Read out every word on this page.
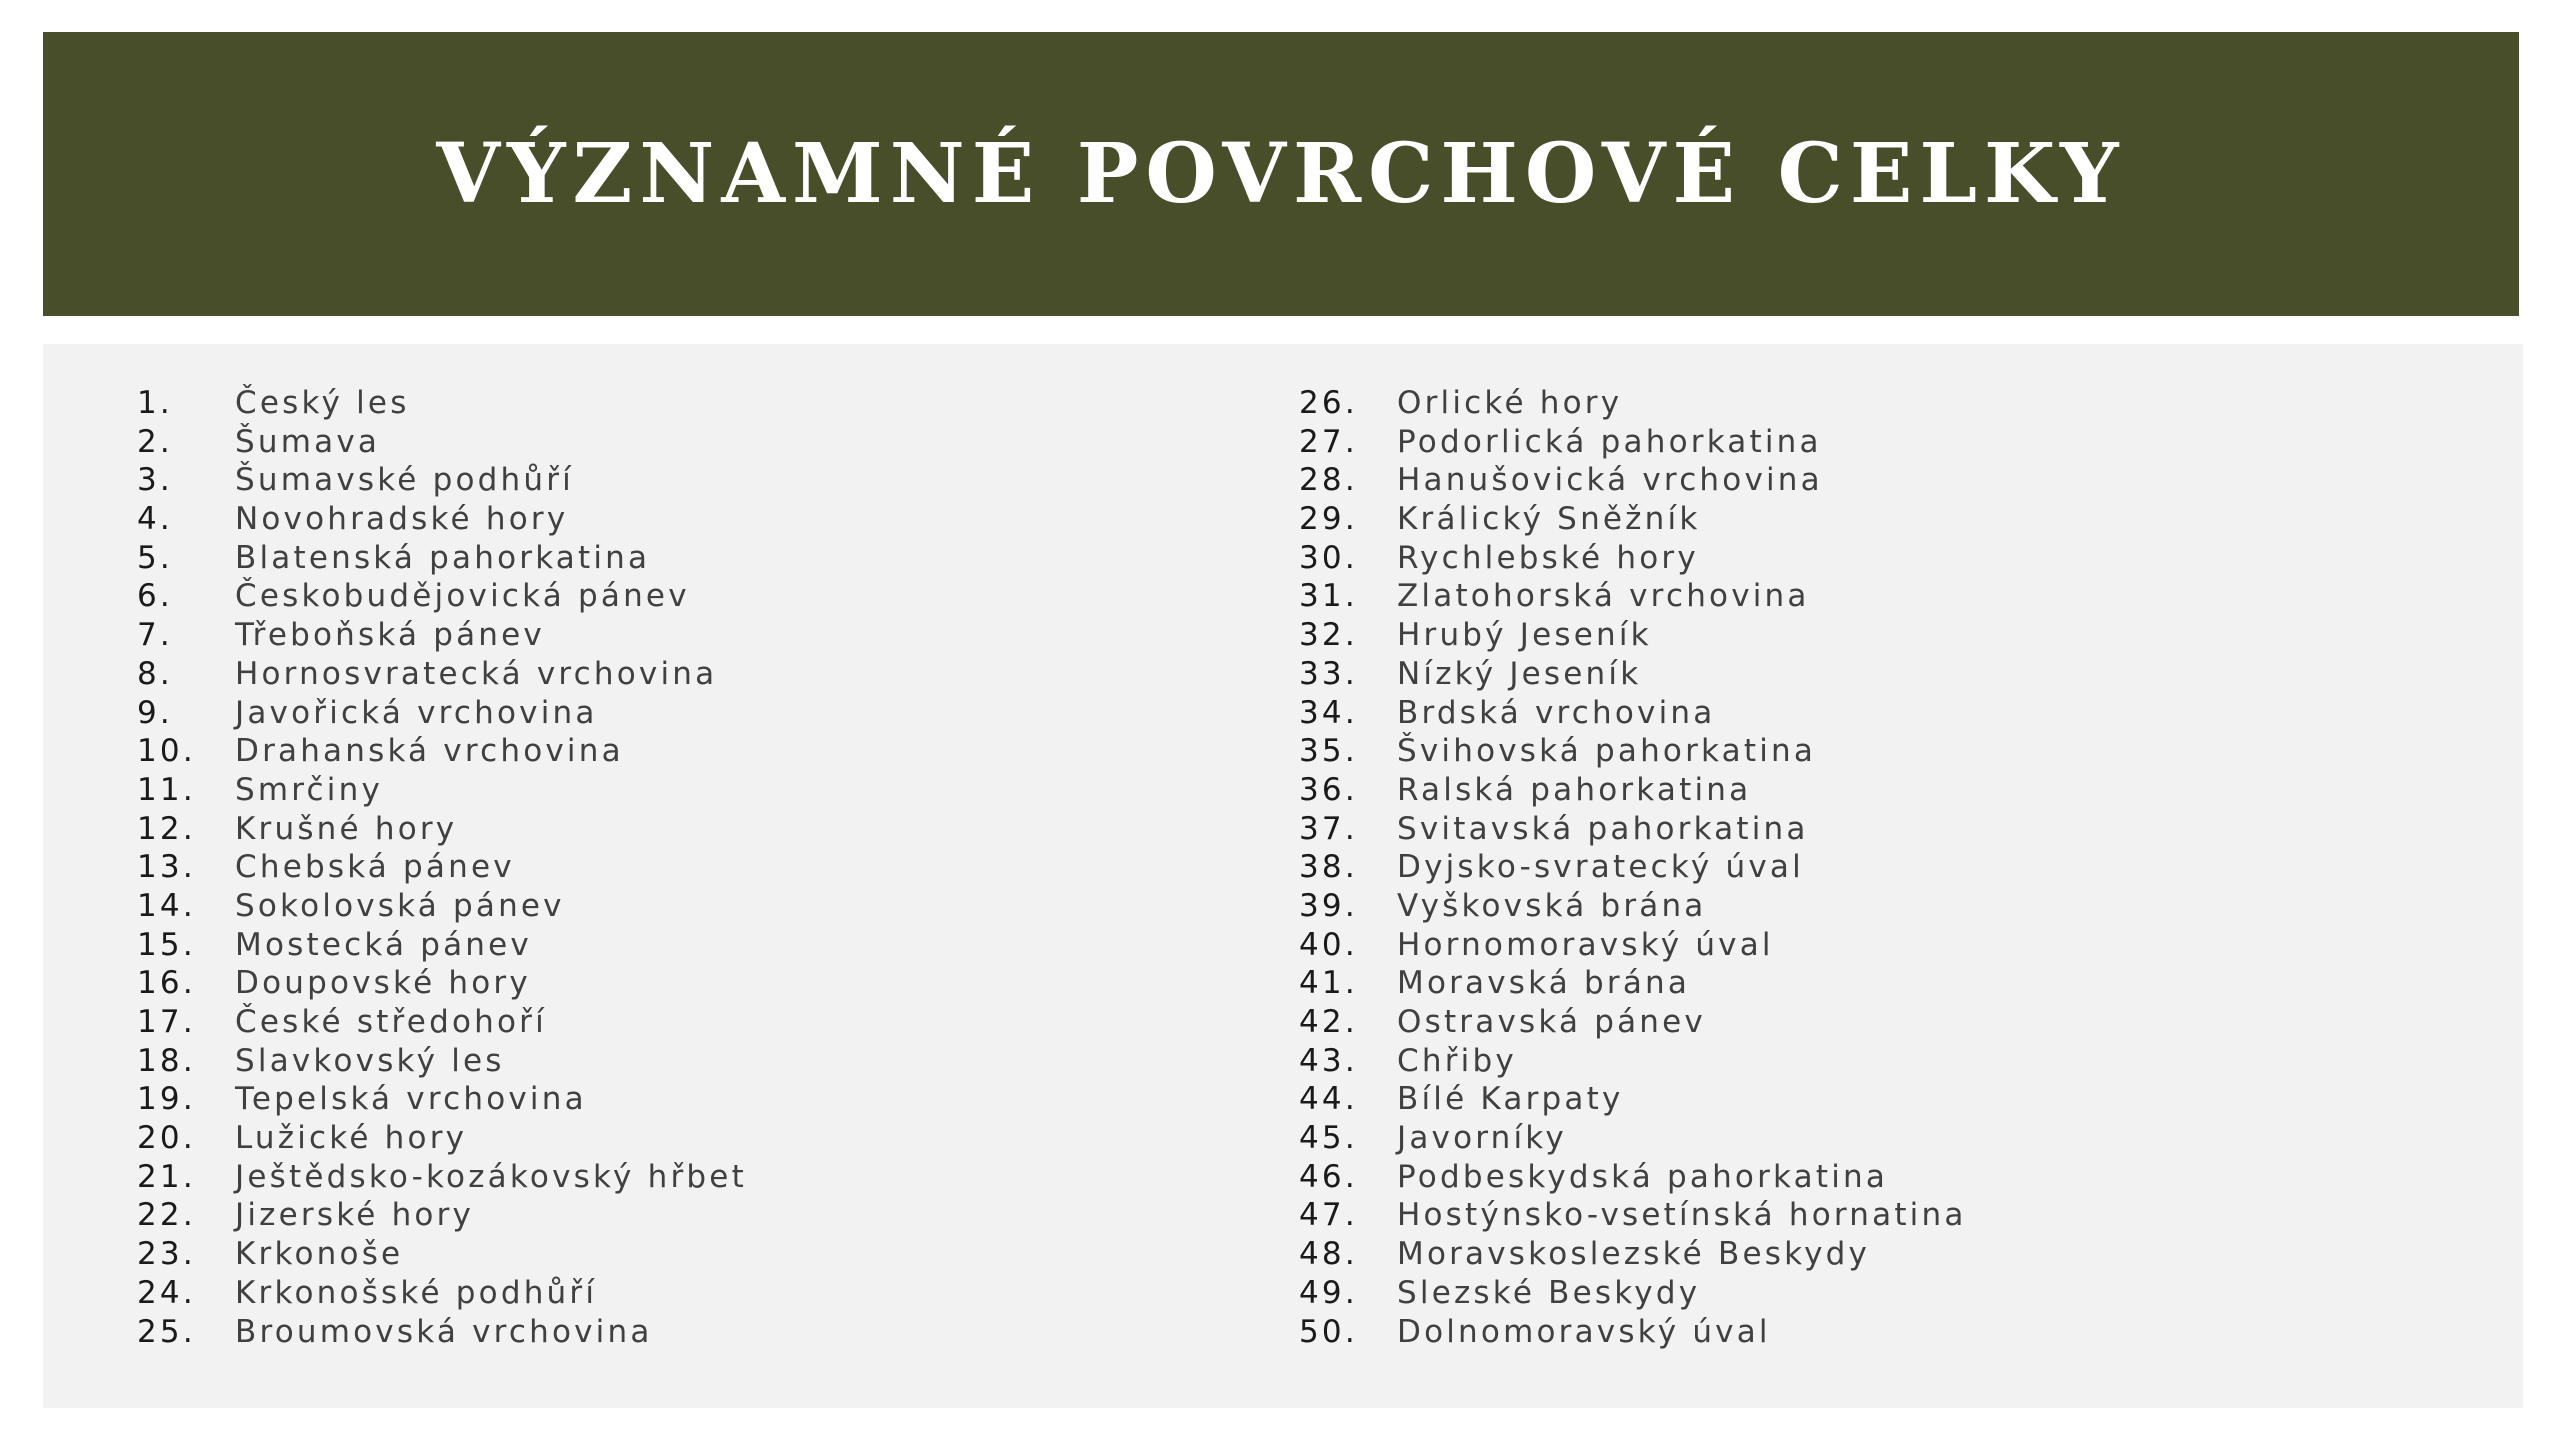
VÝZNAMNÉ POVRCHOVÉ CELKY
1.	Český les
2.	Šumava
3.	Šumavské podhůří
4.	Novohradské hory
5.	Blatenská pahorkatina
6.	Českobudějovická pánev
7.	Třeboňská pánev
8.	Hornosvratecká vrchovina
9.	Javořická vrchovina
10.	Drahanská vrchovina
11.	Smrčiny
12.	Krušné hory
13.	Chebská pánev
14.	Sokolovská pánev
15.	Mostecká pánev
16.	Doupovské hory
17.	České středohoří
18.	Slavkovský les
19.	Tepelská vrchovina
20.	Lužické hory
21.	Ještědsko-kozákovský hřbet
22.	Jizerské hory
23.	Krkonoše
24.	Krkonošské podhůří
25.	Broumovská vrchovina
26.	Orlické hory
27.	Podorlická pahorkatina
28.	Hanušovická vrchovina
29.	Králický Sněžník
30.	Rychlebské hory
31.	Zlatohorská vrchovina
32.	Hrubý Jeseník
33.	Nízký Jeseník
34.	Brdská vrchovina
35.	Švihovská pahorkatina
36.	Ralská pahorkatina
37.	Svitavská pahorkatina
38.	Dyjsko-svratecký úval
39.	Vyškovská brána
40.	Hornomoravský úval
41.	Moravská brána
42.	Ostravská pánev
43.	Chřiby
44.	Bílé Karpaty
45.	Javorníky
46.	Podbeskydská pahorkatina
47.	Hostýnsko-vsetínská hornatina
48.	Moravskoslezské Beskydy
49.	Slezské Beskydy
50.	Dolnomoravský úval
